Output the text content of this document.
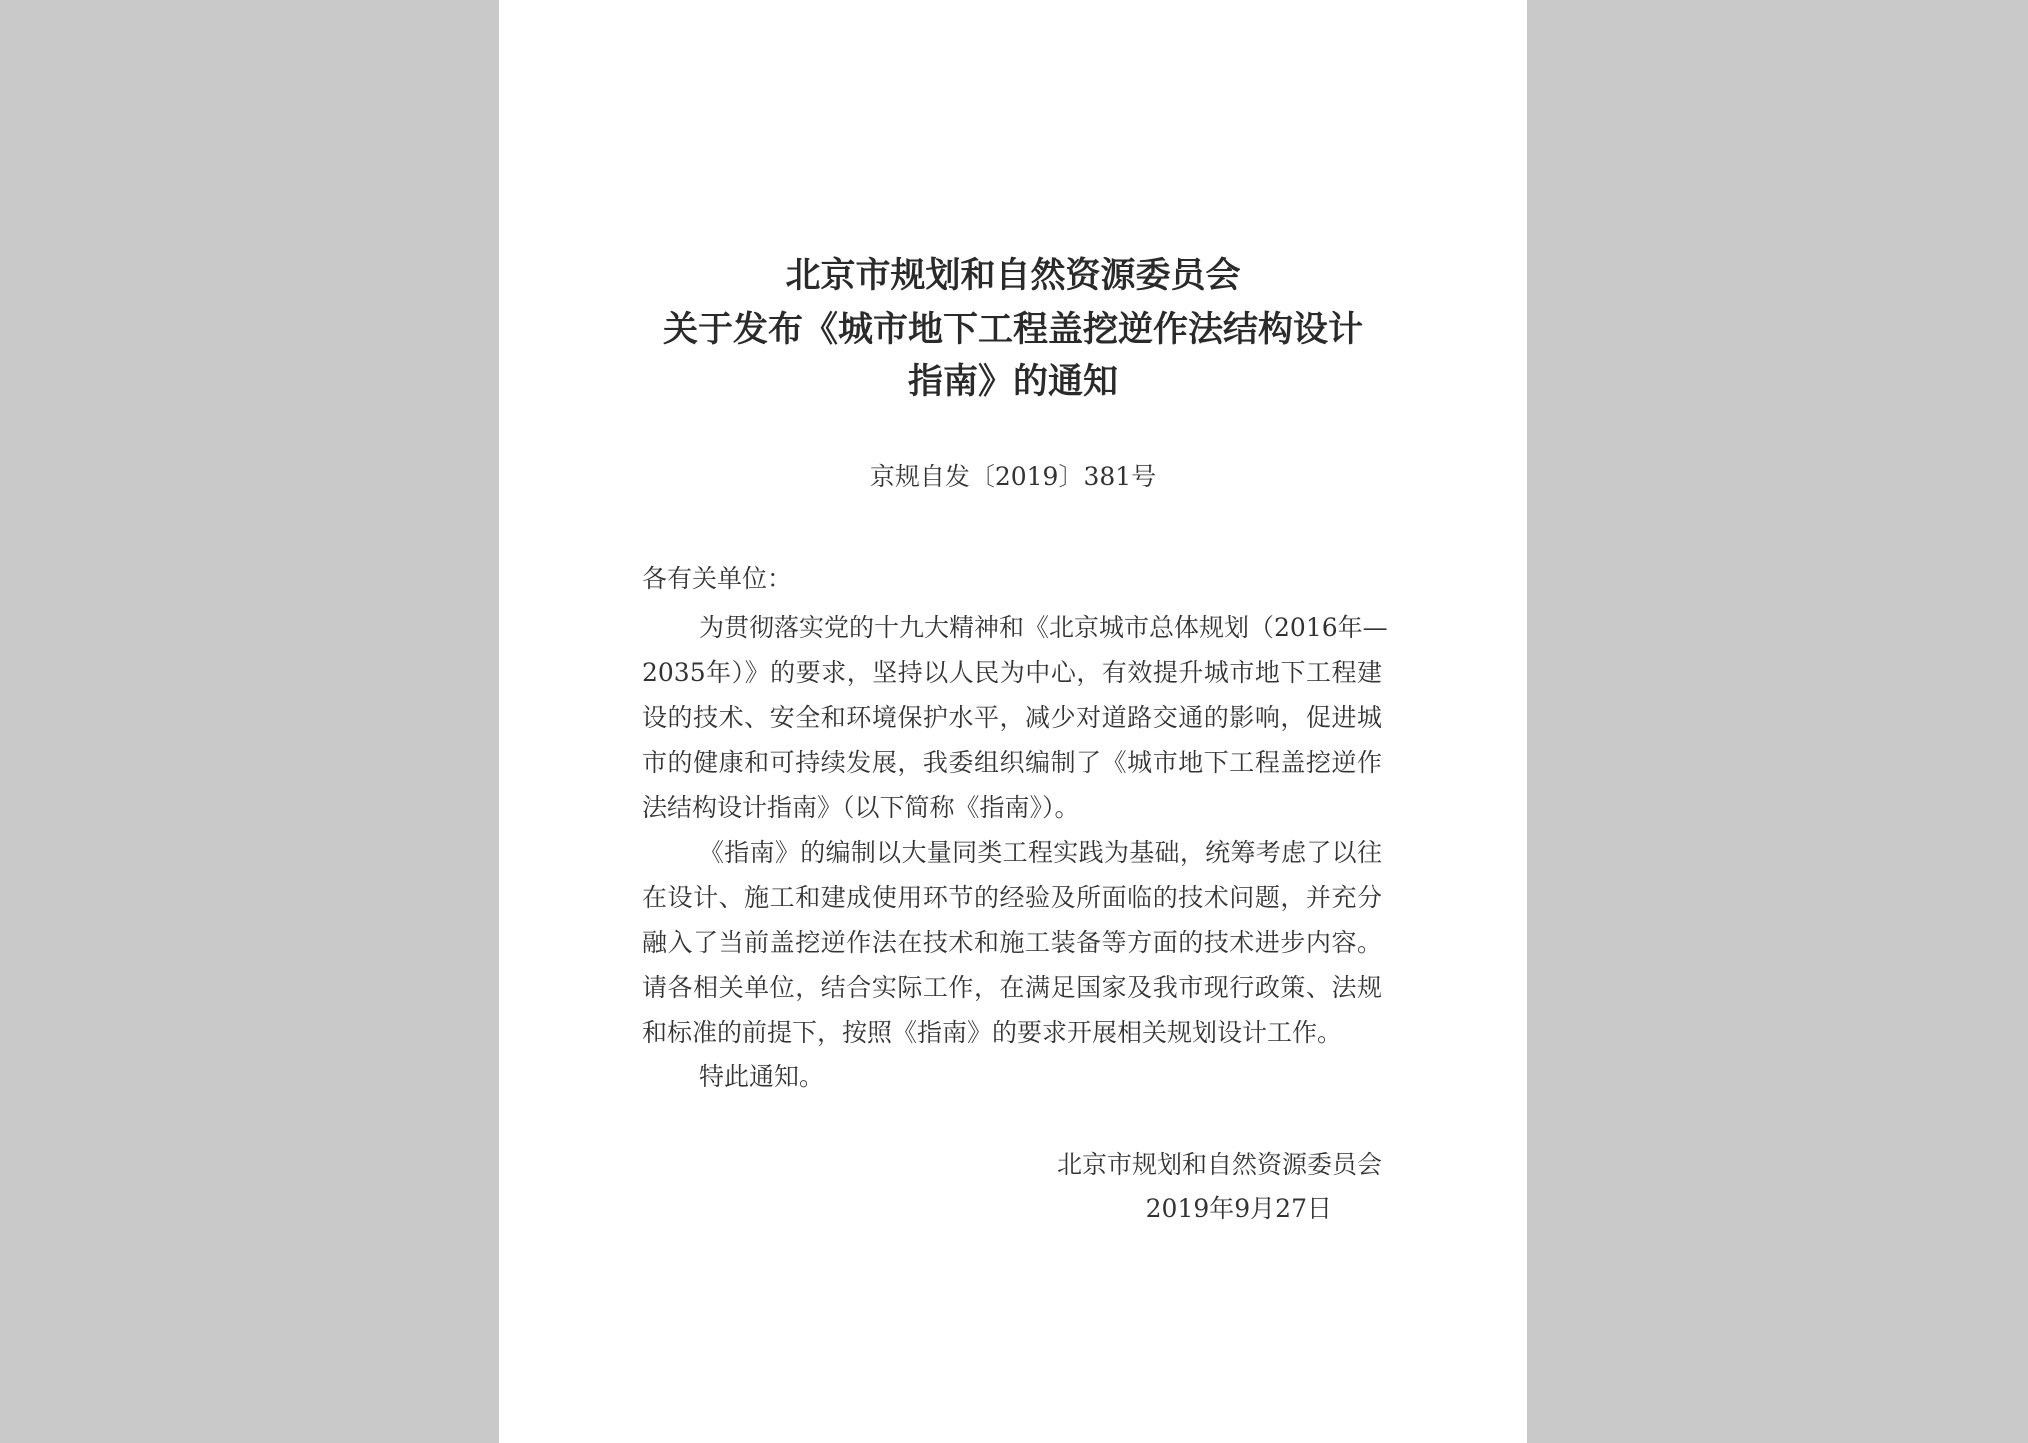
北京市规划和自然资源委员会
关于发布《城市地下工程盖挖逆作法结构设计
指南》的通知
京规自发〔2019〕381号
各有关单位：
为贯彻落实党的十九大精神和《北京城市总体规划（2016年—
2035年）》的要求，坚持以人民为中心，有效提升城市地下工程建
设的技术、安全和环境保护水平，减少对道路交通的影响，促进城
市的健康和可持续发展，我委组织编制了《城市地下工程盖挖逆作
法结构设计指南》（以下简称《指南》）。
《指南》的编制以大量同类工程实践为基础，统筹考虑了以往
在设计、施工和建成使用环节的经验及所面临的技术问题，并充分
融入了当前盖挖逆作法在技术和施工装备等方面的技术进步内容。
请各相关单位，结合实际工作，在满足国家及我市现行政策、法规
和标准的前提下，按照《指南》的要求开展相关规划设计工作。
特此通知。
北京市规划和自然资源委员会
2019年9月27日
